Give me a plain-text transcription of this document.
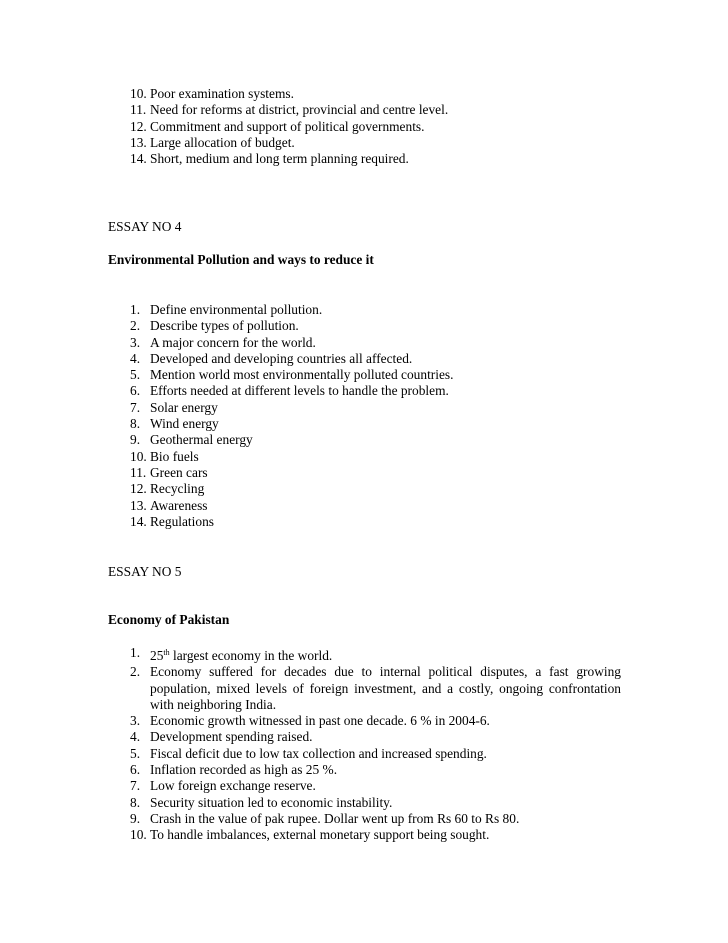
10. Poor examination systems.
11. Need for reforms at district, provincial and centre level.
12. Commitment and support of political governments.
13. Large allocation of budget.
14. Short, medium and long term planning required.
ESSAY NO 4
Environmental Pollution and ways to reduce it
1. Define environmental pollution.
2. Describe types of pollution.
3. A major concern for the world.
4. Developed and developing countries all affected.
5. Mention world most environmentally polluted countries.
6. Efforts needed at different levels to handle the problem.
7. Solar energy
8. Wind energy
9. Geothermal energy
10. Bio fuels
11. Green cars
12. Recycling
13. Awareness
14. Regulations
ESSAY NO 5
Economy of Pakistan
1. 25th largest economy in the world.
2. Economy suffered for decades due to internal political disputes, a fast growing population, mixed levels of foreign investment, and a costly, ongoing confrontation with neighboring India.
3. Economic growth witnessed in past one decade. 6 % in 2004-6.
4. Development spending raised.
5. Fiscal deficit due to low tax collection and increased spending.
6. Inflation recorded as high as 25 %.
7. Low foreign exchange reserve.
8. Security situation led to economic instability.
9. Crash in the value of pak rupee. Dollar went up from Rs 60 to Rs 80.
10. To handle imbalances, external monetary support being sought.
